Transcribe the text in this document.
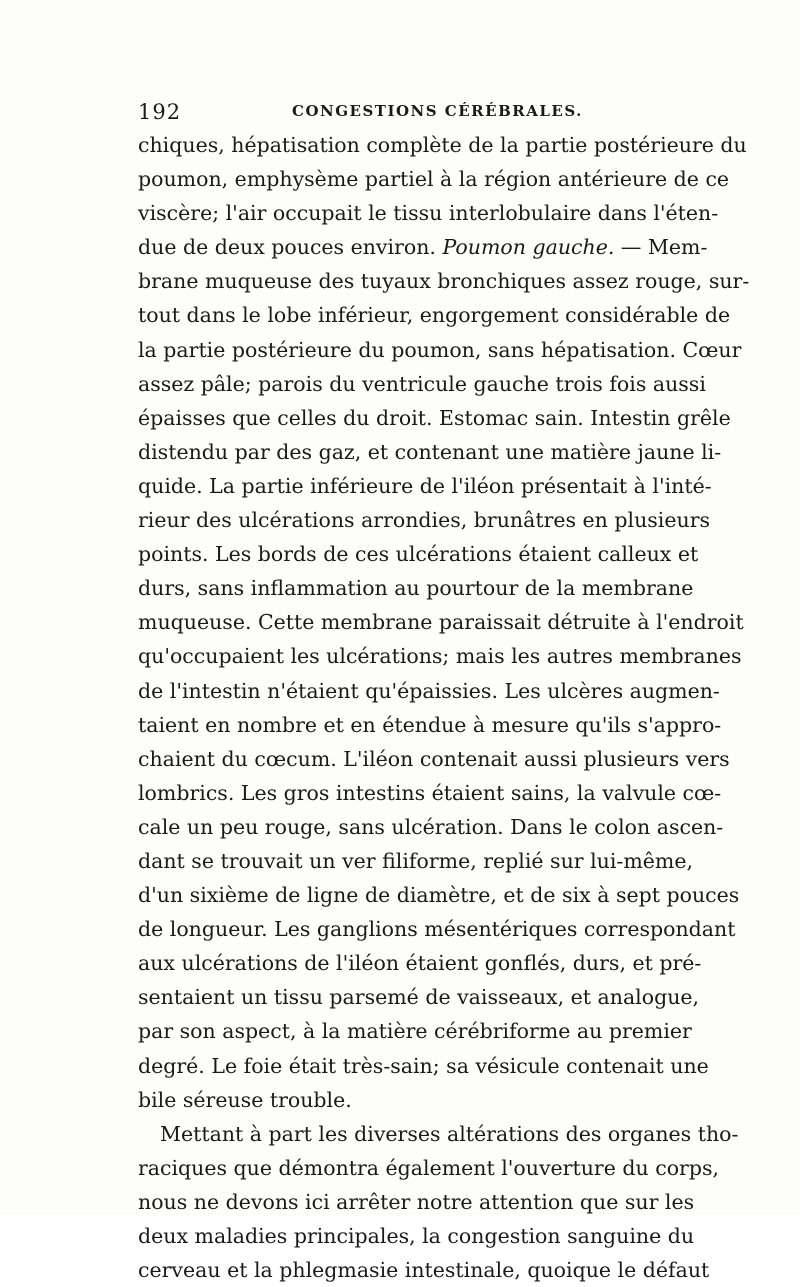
192	CONGESTIONS CÉRÉBRALES.
chiques, hépatisation complète de la partie postérieure du
poumon, emphysème partiel à la région antérieure de ce
viscère; l'air occupait le tissu interlobulaire dans l'éten-
due de deux pouces environ. Poumon gauche. — Mem-
brane muqueuse des tuyaux bronchiques assez rouge, sur-
tout dans le lobe inférieur, engorgement considérable de
la partie postérieure du poumon, sans hépatisation. Cœur
assez pâle; parois du ventricule gauche trois fois aussi
épaisses que celles du droit. Estomac sain. Intestin grêle
distendu par des gaz, et contenant une matière jaune li-
quide. La partie inférieure de l'iléon présentait à l'inté-
rieur des ulcérations arrondies, brunâtres en plusieurs
points. Les bords de ces ulcérations étaient calleux et
durs, sans inflammation au pourtour de la membrane
muqueuse. Cette membrane paraissait détruite à l'endroit
qu'occupaient les ulcérations; mais les autres membranes
de l'intestin n'étaient qu'épaissies. Les ulcères augmen-
taient en nombre et en étendue à mesure qu'ils s'appro-
chaient du cœcum. L'iléon contenait aussi plusieurs vers
lombrics. Les gros intestins étaient sains, la valvule cœ-
cale un peu rouge, sans ulcération. Dans le colon ascen-
dant se trouvait un ver filiforme, replié sur lui-même,
d'un sixième de ligne de diamètre, et de six à sept pouces
de longueur. Les ganglions mésentériques correspondant
aux ulcérations de l'iléon étaient gonflés, durs, et pré-
sentaient un tissu parsemé de vaisseaux, et analogue,
par son aspect, à la matière cérébriforme au premier
degré. Le foie était très-sain; sa vésicule contenait une
bile séreuse trouble.
Mettant à part les diverses altérations des organes tho-
raciques que démontra également l'ouverture du corps,
nous ne devons ici arrêter notre attention que sur les
deux maladies principales, la congestion sanguine du
cerveau et la phlegmasie intestinale, quoique le défaut
